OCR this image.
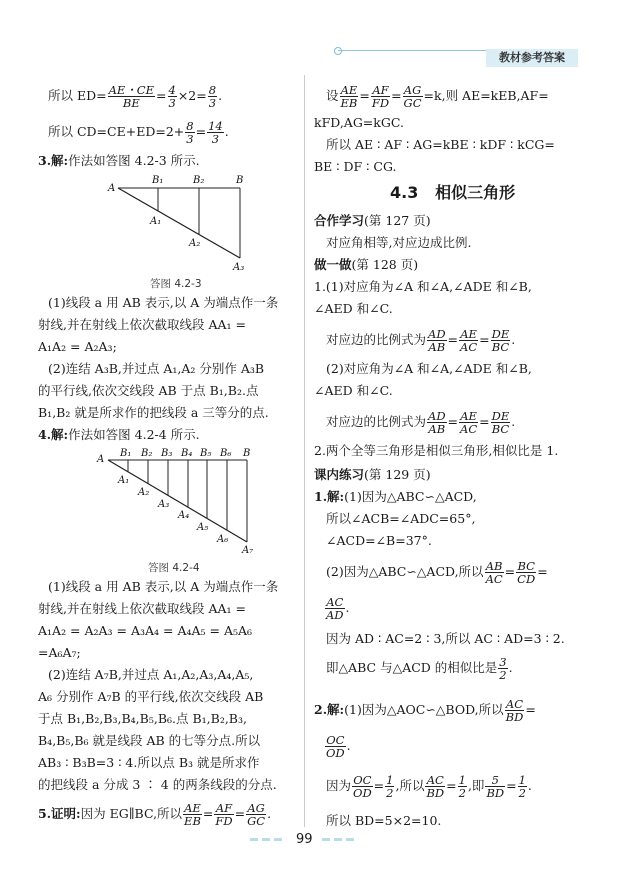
教材参考答案
所以 $ED= \frac{AE・CE}{BE} = \frac{4}{3} \times 2= \frac{8}{3}$ .
所以 $CD=CE+ED=2+ \frac{8}{3} = \frac{14}{3}$ .
3.解:作法如答图 4.2-3 所示.
A
B₁	B₂	B
A₁
A₂
A₃
答图 4.2-3
(1)线段 a 用 AB 表示,以 A 为端点作一条
射线,并在射线上依次截取线段 AA₁ =
A₁A₂ = A₂A₃;
(2)连结 A₃B,并过点 A₁,A₂ 分别作 A₃B
的平行线,依次交线段 AB 于点 B₁,B₂.点
B₁,B₂ 就是所求作的把线段 a 三等分的点.
4.解:作法如答图 4.2-4 所示.
A
B₁ B₂ B₃ B₄ B₅ B₆ B
A₁
A₂
A₃
A₄
A₅
A₆
A₇
答图 4.2-4
(1)线段 a 用 AB 表示,以 A 为端点作一条
射线,并在射线上依次截取线段 AA₁ =
A₁A₂ = A₂A₃ = A₃A₄ = A₄A₅ = A₅A₆
=A₆A₇;
(2)连结 A₇B,并过点 A₁,A₂,A₃,A₄,A₅,
A₆ 分别作 A₇B 的平行线,依次交线段 AB
于点 B₁,B₂,B₃,B₄,B₅,B₆.点 B₁,B₂,B₃,
B₄,B₅,B₆ 就是线段 AB 的七等分点.所以
AB₃ ∶ B₃B=3 ∶ 4.所以点 B₃ 就是所求作
的把线段 a 分成 3 ∶ 4 的两条线段的分点.
5.证明:因为 EG∥BC,所以 $\frac{AE}{EB} = \frac{AF}{FD} = \frac{AG}{GC}$ .
设 $\frac{AE}{EB} = \frac{AF}{FD} = \frac{AG}{GC} =k$,则 AE=kEB,AF=
kFD,AG=kGC.
所以 AE ∶ AF ∶ AG=kBE ∶ kDF ∶ kCG=
BE ∶ DF ∶ CG.
4.3 相似三角形
合作学习(第 127 页)
对应角相等,对应边成比例.
做一做(第 128 页)
1.(1)对应角为∠A 和∠A,∠ADE 和∠B,
∠AED 和∠C.
对应边的比例式为 $\frac{AD}{AB} = \frac{AE}{AC} = \frac{DE}{BC}$ .
(2)对应角为∠A 和∠A,∠ADE 和∠B,
∠AED 和∠C.
对应边的比例式为 $\frac{AD}{AB} = \frac{AE}{AC} = \frac{DE}{BC}$ .
2.两个全等三角形是相似三角形,相似比是 1.
课内练习(第 129 页)
1.解:(1)因为△ABC∽△ACD,
所以∠ACB=∠ADC=65°,
∠ACD=∠B=37°.
(2)因为△ABC∽△ACD,所以 $\frac{AB}{AC} = \frac{BC}{CD}$ =
$\frac{AC}{AD}$ .
因为 AD ∶ AC=2 ∶ 3,所以 AC ∶ AD=3 ∶ 2.
即△ABC 与△ACD 的相似比是 $\frac{3}{2}$ .
2.解:(1)因为△AOC∽△BOD,所以 $\frac{AC}{BD}$ =
$\frac{OC}{OD}$ .
因为 $\frac{OC}{OD} = \frac{1}{2}$ ,所以 $\frac{AC}{BD} = \frac{1}{2}$ ,即 $\frac{5}{BD} = \frac{1}{2}$ .
所以 BD=5×2=10.
99
